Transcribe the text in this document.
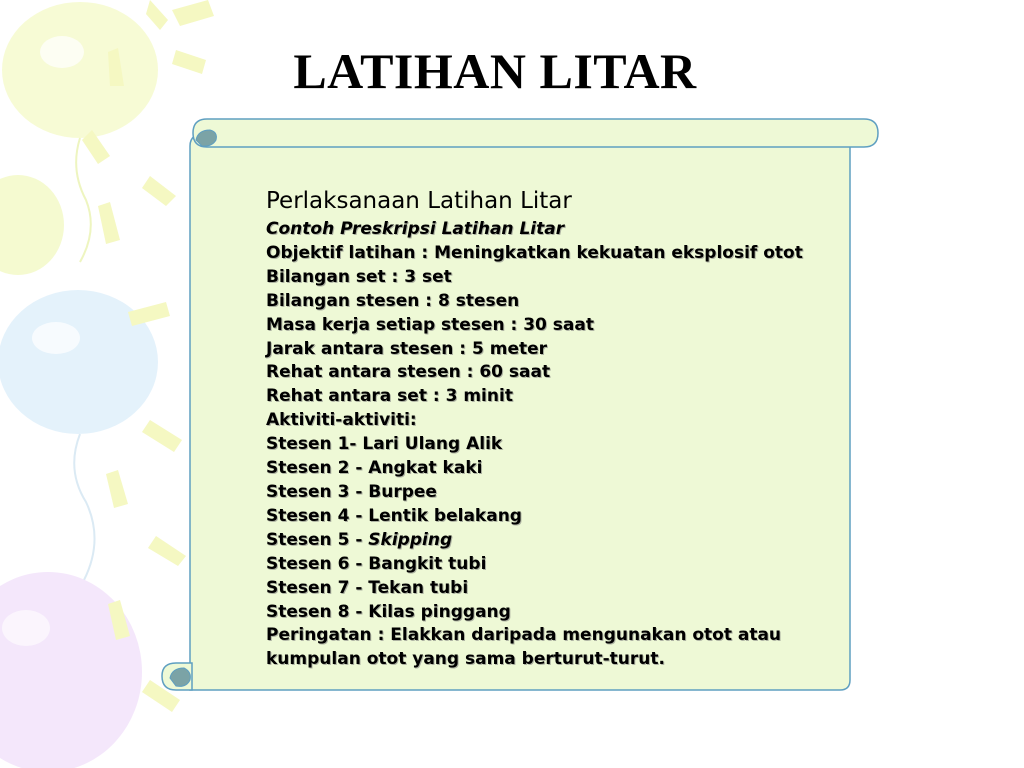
LATIHAN LITAR
Perlaksanaan Latihan Litar
Contoh Preskripsi Latihan Litar
Objektif latihan : Meningkatkan kekuatan eksplosif otot
Bilangan set : 3 set
Bilangan stesen : 8 stesen
Masa kerja setiap stesen : 30 saat
Jarak antara stesen : 5 meter
Rehat antara stesen : 60 saat
Rehat antara set : 3 minit
Aktiviti-aktiviti:
Stesen 1- Lari Ulang Alik
Stesen 2 - Angkat kaki
Stesen 3 - Burpee
Stesen 4 - Lentik belakang
Stesen 5 - Skipping
Stesen 6 - Bangkit tubi
Stesen 7 - Tekan tubi
Stesen 8 - Kilas pinggang
Peringatan : Elakkan daripada mengunakan otot atau
kumpulan otot yang sama berturut-turut.
